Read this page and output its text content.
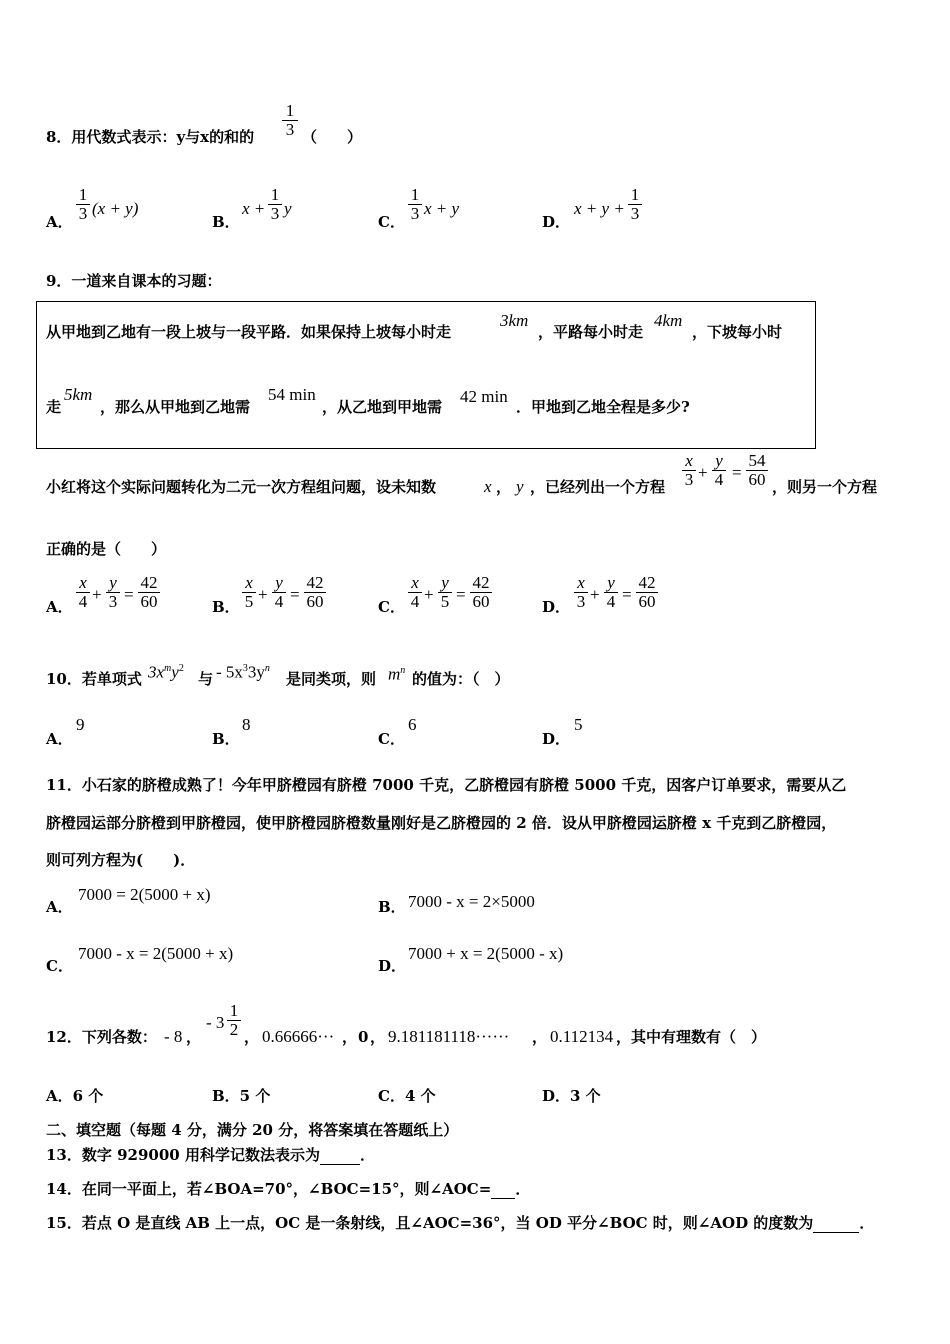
8．用代数式表示：y与x的和的 $\frac{1}{3}$ （　　）
A． $\frac{1}{3} (x + y)$
B．
$x + \frac{1}{3}$ y
C． $\frac{1}{3}$ x + y
D．
$x + y + \frac{1}{3}$
9．一道来自课本的习题：
从甲地到乙地有一段上坡与一段平路．如果保持上坡每小时走
3km
，平路每小时走
4km
，下坡每小时
走
5km
，那么从甲地到乙地需
54 min
，从乙地到甲地需
42 min
．甲地到乙地全程是多少?
小红将这个实际问题转化为二元一次方程组问题，设未知数	x ， y ，已经列出一个方程 $\frac{x}{3} + \frac{y}{4} = \frac{54}{60}$ ，则另一个方程
正确的是（　　）
A． $\frac{x}{4} + \frac{y}{3} = \frac{42}{60}$	B． $\frac{x}{5} + \frac{y}{4} = \frac{42}{60}$	C． $\frac{x}{4} + \frac{y}{5} = \frac{42}{60}$	D． $\frac{x}{3} + \frac{y}{4} = \frac{42}{60}$
10．若单项式 $3x^my^2$
与 - $5x^33y^n$
是同类项，则 $m^n$ 的值为：（　）
A．
9
B．
8
C．
6
D．
5
11．小石家的脐橙成熟了！今年甲脐橙园有脐橙 7000 千克，乙脐橙园有脐橙 5000 千克，因客户订单要求，需要从乙
脐橙园运部分脐橙到甲脐橙园，使甲脐橙园脐橙数量刚好是乙脐橙园的 2 倍．设从甲脐橙园运脐橙 x 千克到乙脐橙园，
则可列方程为(　　)．
A．
7000 = 2(5000 + x)
B． 7000 - x = 2×5000
C．
7000 - x = 2(5000 + x)
D．
7000 + x = 2(5000 - x)
12．下列各数： - 8 ，
- $3 \frac{1}{2}$ ， 0.66666··· ， 0 ， 9.181181118······ ， 0.112134 ，其中有理数有（　）
A．6 个	B．5 个	C．4 个	D．3 个
二、填空题（每题 4 分，满分 20 分，将答案填在答题纸上）
13．数字 929000 用科学记数法表示为	．
14．在同一平面上，若∠BOA=70°，∠BOC=15°，则∠AOC= ．
15．若点 O 是直线 AB 上一点，OC 是一条射线，且∠AOC=36°，当 OD 平分∠BOC 时，则∠AOD 的度数为	．
